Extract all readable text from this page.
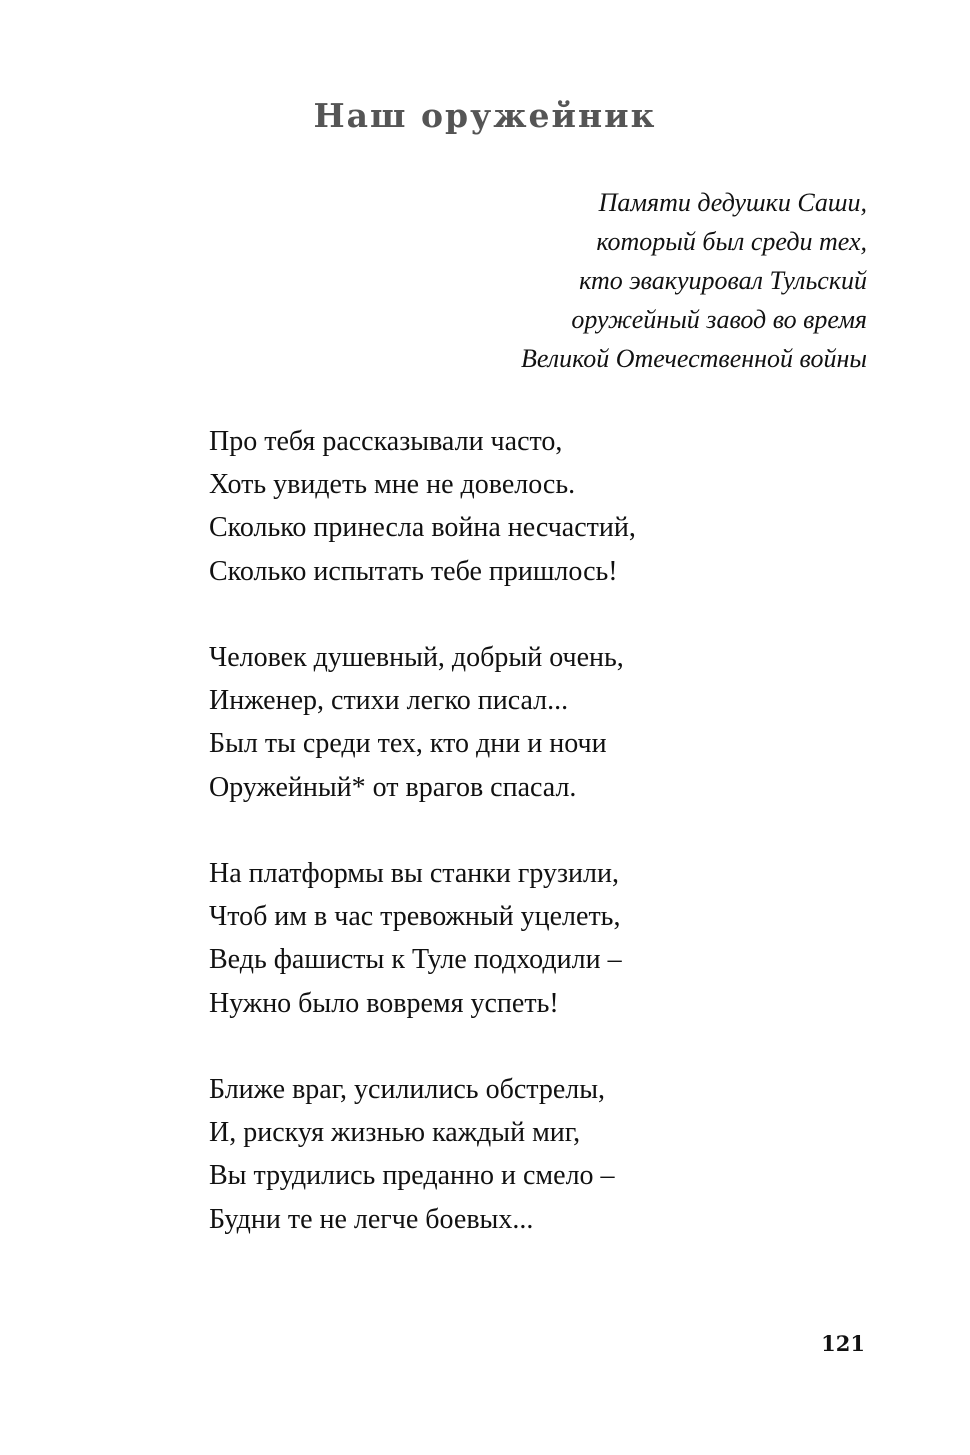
Наш оружейник
Памяти дедушки Саши,
который был среди тех,
кто эвакуировал Тульский
оружейный завод во время
Великой Отечественной войны
Про тебя рассказывали часто,
Хоть увидеть мне не довелось.
Сколько принесла война несчастий,
Сколько испытать тебе пришлось!
Человек душевный, добрый очень,
Инженер, стихи легко писал...
Был ты среди тех, кто дни и ночи
Оружейный* от врагов спасал.
На платформы вы станки грузили,
Чтоб им в час тревожный уцелеть,
Ведь фашисты к Туле подходили –
Нужно было вовремя успеть!
Ближе враг, усилились обстрелы,
И, рискуя жизнью каждый миг,
Вы трудились преданно и смело –
Будни те не легче боевых...
121
